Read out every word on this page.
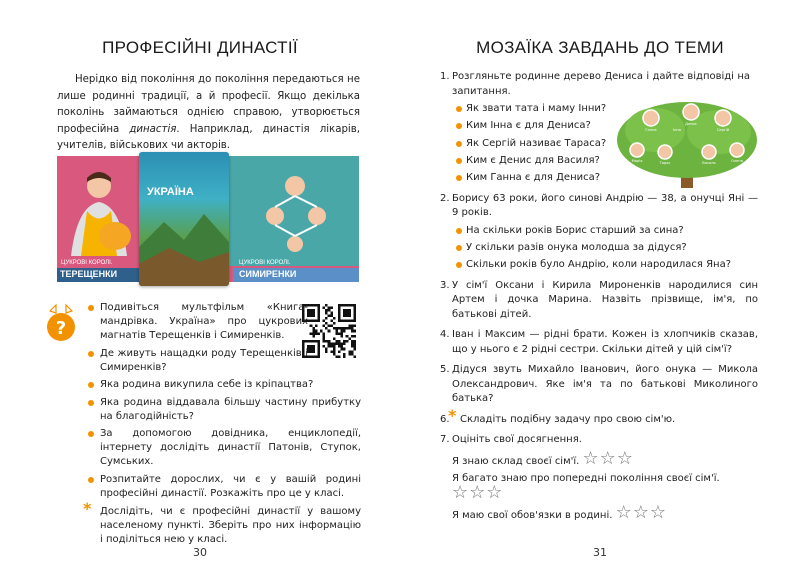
ПРОФЕСІЙНІ ДИНАСТІЇ

Нерідко від покоління до покоління передаються не лише родинні традиції, а й професії. Якщо декілька поколінь займаються однією справою, утворюється професійна династія. Наприклад, династія лікарів, учителів, військових чи акторів.

ЦУКРОВІ КОРОЛІ.
ТЕРЕЩЕНКИ
ЦУКРОВІ КОРОЛІ.
СИМИРЕНКИ
УКРАЇНА
?
Подивіться мультфільм «Книга-мандрівка. Україна» про цукрових магнатів Терещенків і Симиренків.
Де живуть нащадки роду Терещенків і Симиренків?
Яка родина викупила себе із кріпацтва?
Яка родина віддавала більшу частину прибутку на благодійність?
За допомогою довідника, енциклопедії, інтернету дослідіть династії Патонів, Ступок, Сумських.
Розпитайте дорослих, чи є у вашій родині професійні династії. Розкажіть про це у класі.
* Дослідіть, чи є професійні династії у вашому населеному пункті. Зберіть про них інформацію і поділіться нею у класі.
30
МОЗАЇКА ЗАВДАНЬ ДО ТЕМИ
31
Ганна
Денис
Інна	Сергій
Марія	Тарас	Василь	Олена
1. Розгляньте родинне дерево Дениса і дайте відповіді на запитання.
Як звати тата і маму Інни?
Ким Інна є для Дениса?
Як Сергій називає Тараса?
Ким є Денис для Василя?
Ким Ганна є для Дениса?
2. Борису 63 роки, його синові Андрію — 38, а онучці Яні — 9 років.
На скільки років Борис старший за сина?
У скільки разів онука молодша за дідуся?
Скільки років було Андрію, коли народилася Яна?
3. У сім'ї Оксани і Кирила Мироненків народилися син Артем і дочка Марина. Назвіть прізвище, ім'я, по батькові дітей.
4. Іван і Максим — рідні брати. Кожен із хлопчиків сказав, що у нього є 2 рідні сестри. Скільки дітей у цій сім'ї?
5. Дідуся звуть Михайло Іванович, його онука — Микола Олександрович. Яке ім'я та по батькові Миколиного батька?
6.
* Складіть подібну задачу про свою сім'ю.
7. Оцініть свої досягнення.
Я знаю склад своєї сім'ї. ☆☆☆
Я багато знаю про попередні покоління своєї сім'ї.
☆☆☆
Я маю свої обов'язки в родині. ☆☆☆
